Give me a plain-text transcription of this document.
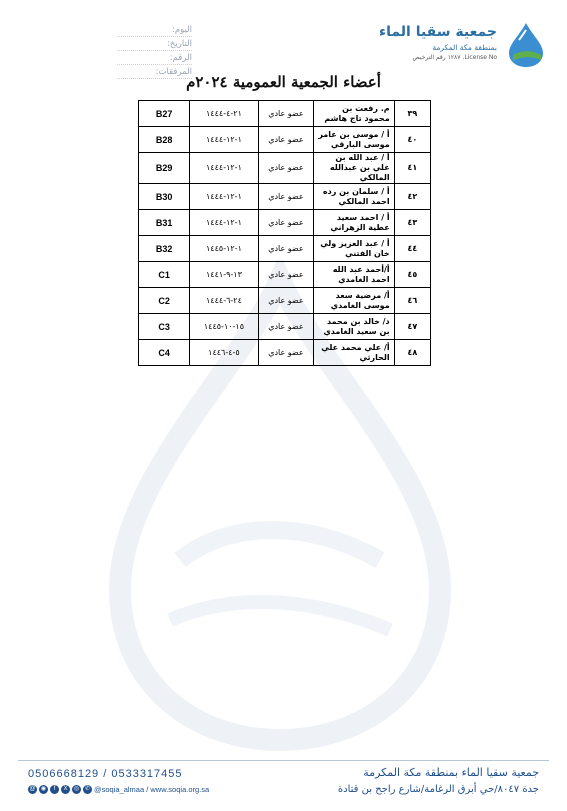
جمعية سقيا الماء
بمنطقة مكة المكرمة
License No. ١٢٨٧ رقم الترخيص
اليوم:
التاريخ:
الرقم:
المرفقات:
أعضاء الجمعية العمومية ٢٠٢٤م
٣٩	م. رفعت بن محمود تاج هاشم	عضو عادي	٢١-٤-١٤٤٤	B27
٤٠	أ / موسى بن عامر موسى البارقي	عضو عادي	١-١٢-١٤٤٤	B28
٤١	أ / عبد الله بن علي بن عبدالله المالكي	عضو عادي	١-١٢-١٤٤٤	B29
٤٢	أ / سلمان بن رده احمد المالكي	عضو عادي	١-١٢-١٤٤٤	B30
٤٣	أ / احمد سعيد عطية الزهراني	عضو عادي	١-١٢-١٤٤٤	B31
٤٤	أ / عبد العزيز ولي خان الفتني	عضو عادي	١-١٢-١٤٤٥	B32
٤٥	أ/أحمد عبد الله احمد الغامدي	عضو عادي	١٣-٩-١٤٤١	C1
٤٦	أ/ مرضية سعد موسى الغامدي	عضو عادي	٢٤-٦-١٤٤٤	C2
٤٧	د/ خالد بن محمد بن سعيد الغامدي	عضو عادي	١٥-١٠-١٤٤٥	C3
٤٨	أ/ علي محمد علي الحارثي	عضو عادي	٥-٤-١٤٤٦	C4
0506668129 / 0533317455
@ ◉	f	X	◎ ✆ @soqia_almaa / www.soqia.org.sa
جمعية سقيا الماء بمنطقة مكة المكرمة
جدة ٨٠٤٧/حي أبرق الرغامة/شارع راجح بن قتادة
